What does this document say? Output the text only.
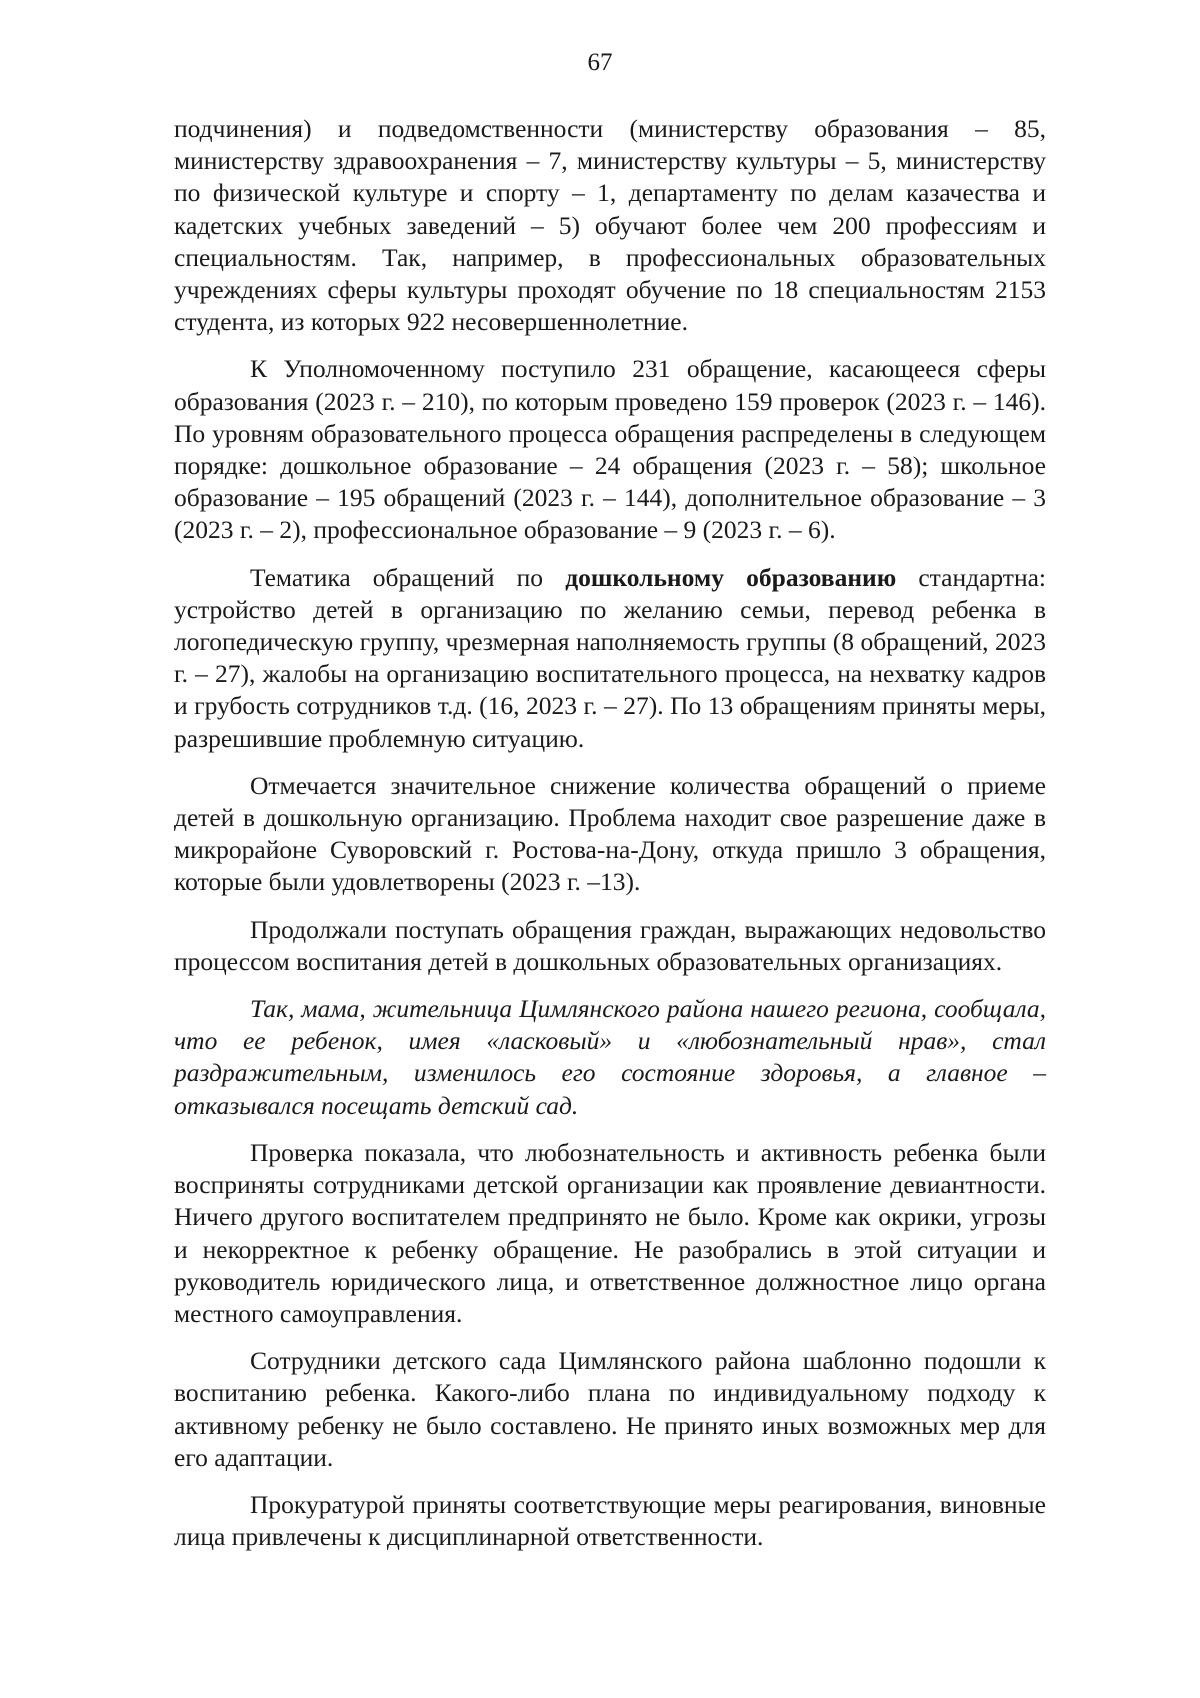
67

подчинения) и подведомственности (министерству образования – 85, министерству здравоохранения – 7, министерству культуры – 5, министерству по физической культуре и спорту – 1, департаменту по делам казачества и кадетских учебных заведений – 5) обучают более чем 200 профессиям и специальностям. Так, например, в профессиональных образовательных учреждениях сферы культуры проходят обучение по 18 специальностям 2153 студента, из которых 922 несовершеннолетние.

К Уполномоченному поступило 231 обращение, касающееся сферы образования (2023 г. – 210), по которым проведено 159 проверок (2023 г. – 146). По уровням образовательного процесса обращения распределены в следующем порядке: дошкольное образование – 24 обращения (2023 г. – 58); школьное образование – 195 обращений (2023 г. – 144), дополнительное образование – 3 (2023 г. – 2), профессиональное образование – 9 (2023 г. – 6).

Тематика обращений по дошкольному образованию стандартна: устройство детей в организацию по желанию семьи, перевод ребенка в логопедическую группу, чрезмерная наполняемость группы (8 обращений, 2023 г. – 27), жалобы на организацию воспитательного процесса, на нехватку кадров и грубость сотрудников т.д. (16, 2023 г. – 27). По 13 обращениям приняты меры, разрешившие проблемную ситуацию.

Отмечается значительное снижение количества обращений о приеме детей в дошкольную организацию. Проблема находит свое разрешение даже в микрорайоне Суворовский г. Ростова-на-Дону, откуда пришло 3 обращения, которые были удовлетворены (2023 г. –13).

Продолжали поступать обращения граждан, выражающих недовольство процессом воспитания детей в дошкольных образовательных организациях.

Так, мама, жительница Цимлянского района нашего региона, сообщала, что ее ребенок, имея «ласковый» и «любознательный нрав», стал раздражительным, изменилось его состояние здоровья, а главное – отказывался посещать детский сад.

Проверка показала, что любознательность и активность ребенка были восприняты сотрудниками детской организации как проявление девиантности. Ничего другого воспитателем предпринято не было. Кроме как окрики, угрозы и некорректное к ребенку обращение. Не разобрались в этой ситуации и руководитель юридического лица, и ответственное должностное лицо органа местного самоуправления.

Сотрудники детского сада Цимлянского района шаблонно подошли к воспитанию ребенка. Какого-либо плана по индивидуальному подходу к активному ребенку не было составлено. Не принято иных возможных мер для его адаптации.

Прокуратурой приняты соответствующие меры реагирования, виновные лица привлечены к дисциплинарной ответственности.
